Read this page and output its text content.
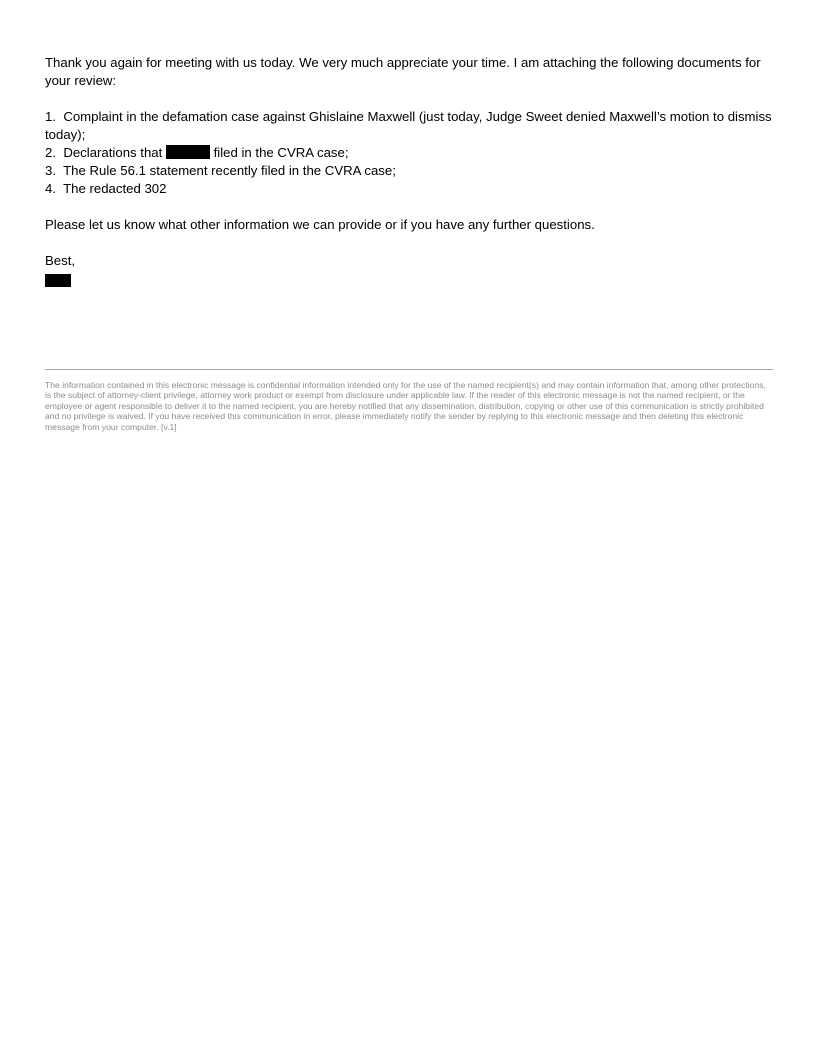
Thank you again for meeting with us today. We very much appreciate your time. I am attaching the following documents for your review:

1. Complaint in the defamation case against Ghislaine Maxwell (just today, Judge Sweet denied Maxwell’s motion to dismiss today);

2. Declarations that	filed in the CVRA case;

3. The Rule 56.1 statement recently filed in the CVRA case;

4. The redacted 302

Please let us know what other information we can provide or if you have any further questions.

Best,

The information contained in this electronic message is confidential information intended only for the use of the named recipient(s) and may contain information that, among other protections, is the subject of attorney-client privilege, attorney work product or exempt from disclosure under applicable law. If the reader of this electronic message is not the named recipient, or the employee or agent responsible to deliver it to the named recipient, you are hereby notified that any dissemination, distribution, copying or other use of this communication is strictly prohibited and no privilege is waived. If you have received this communication in error, please immediately notify the sender by replying to this electronic message and then deleting this electronic message from your computer. [v.1]
